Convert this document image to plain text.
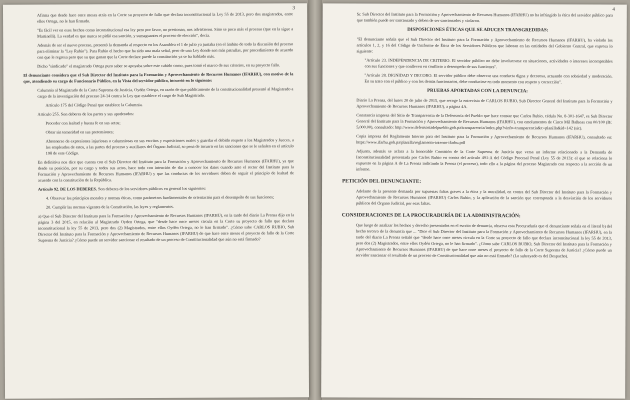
3

Afirma que desde hace once meses atrás en la Corte su proyecto de fallo que declara inconstitucional la Ley 55 de 2013, pero dos magistrados, entre ellos Ortega, no le han firmado.

"Es fácil ver en esos hechos como inconstitucional esa ley pero por favor, no presionan, nos advirtieron. Sino se poco más el proceso (que en la sigue a Martinelli). La verdad es que nunca se pidió esa sanción, y sumaguantes el proceso de elección", decía.

Además de ser el nuevo proceso, presentó la demanda al respecto en los Asamblea el 1 de julio ya juntaba (en el ámbito de todo la discusión del proceso para eliminar la "Ley Rubio"). Para Rubio el hecho que ha sido una mala señal, pero de una Ley donde son más patrullas, por procedimiento de acuerdo con que le regresa pero que su que ganan que la Corte declare puede la constitución ya se ha hablado más.

Dicho "sindicado" el magistrado Ortega puro saber se apoyaba sobre este cabido como, pues tomó el marco de sus criterios, en su proyecto fallo.

El denunciante considera que el Sub Director del Instituto para la Formación y Aprovechamiento de Recursos Humanos (IFARHU), con motivo de la que, atendiendo su cargo de Funcionario Público, en la Vista del servidor público, incurrió en lo siguiente:

Calumnia al Magistrado de la Corte Suprema de Justicia, Oydén Ortega, en razón de que públicamente de la constitucionalidad presentó al Magistrado a cargo de la investigación del proceso 24-14 contra la Ley que establece el cargo de Sub Magistrado.

Artículo 175 del Código Penal que establece la Calumnia.

Artículo 255. Son deberes de los partes y sus apoderados:

Proceder con lealtad y buena fe en sus actos;

Obrar sin temeridad en sus pretensiones;

Abstenerse de expresiones injuriosas o calumniosas en sus escritos y exposiciones orales y guardar el debido respeto a los Magistrados y Jueces, a los empleados de estos, a las partes del proceso y auxiliares del Órgano Judicial, so pena de incurrir en las sanciones que se le señalen en el artículo 198 de este Código.

En definitiva nos dice que cuenta con el Sub Director del Instituto para la Formación y Aprovechamiento de Recursos Humanos (IFARHU), ya que desde su posición, por su cargo y todos sus actos, hace todo con intención de dar a conocer los datos cuando ante el rector del Instituto para la Formación y Aprovechamiento de Recursos Humanos (IFARHU) y que las conductas de los servidores deben de seguir el principio de lealtad de acuerdo con la constitución de la República.

Artículo 92. DE LOS DEBERES. Son deberes de los servidores públicos en general los siguientes:

4. Observar los principios morales y normas éticas, como parámetros fundamentales de orientación para el desempeño de sus funciones;

20. Cumplir las normas vigentes de la Constitución, las leyes y reglamentos.

a) Que el Sub Director del Instituto para la Formación y Aprovechamiento de Recursos Humanos (IFARHU), en la tarde del diario La Prensa dijo en la página 3 del 2015, en relación al Magistrado Oyden Ortega, que "desde hace once meses circula en la Corte su proyecto de fallo que declara inconstitucional la ley 55 de 2013, pero dos (2) Magistrados, entre ellos Oydén Ortega, no le han firmado". ¿Cómo sabe CARLOS RUBIO, Sub Director del Instituto para la Formación y Aprovechamiento de Recursos Humanos (IFARHU) de que hace once meses el proyecto de fallo de la Corte Suprema de Justicia? ¿Cómo puede un servidor sancionar el resultado de un proceso de Constitucionalidad que aún no está firmado?

4

Sr. Sub Director del Instituto para la Formación y Aprovechamiento de Recursos Humanos (IFARHU) no ha infringido la ética del servidor público para que también puede ser sancionado y deben de ser sancionados y violaron.

DISPOSICIONES ÉTICAS QUE SE ADUCEN TRANSGREDIDAS:

"El denunciante señala que el Sub Director del Instituto para la Formación y Aprovechamiento de Recursos Humanos (IFARHU), ha violado los artículos 1, 2, y 16 del Código de Uniforme de Ética de los Servidores Públicos que laboran en las entidades del Gobierno Central, que expresa lo siguiente:

"Artículo 23. INDEPENDENCIA DE CRITERIO. El servidor público no debe involucrarse en situaciones, actividades o intereses incompatibles con sus funciones y que conlleven en conflicto a desempeño de sus funciones".

"Artículo 28. DIGNIDAD Y DECORO. El servidor público debe observar una conducta digna y decorosa, actuando con sobriedad y moderación. En su trato con el público y con los demás funcionarios, debe conducirse en todo momento con respeto y corrección".

PRUEBAS APORTADAS CON LA DENUNCIA:

Diario La Prensa, del lunes 20 de julio de 2015, que recoge la entrevista de CARLOS RUBIO, Sub Director General del Instituto para la Formación y Aprovechamiento de Recursos Humanos (IFARHU), a página 4A.

Constancia impresa del Sitio de Transparencia de la Defensoría del Pueblo que hace constar que Carlos Rubio, cédula No. 8-301-1647, es Sub Director General del Instituto para la Formación y Aprovechamiento de Recursos Humanos (IFARHU), con emolumentos de Cinco Mil Balboas con 00/100 (B/. 5,000.00), consultado: http://www.defensoriadelpueblo.gob.pa/transparencia/index.php?vinfo=transparencia&c=planilla&id=142 (sic).

Copia impresa del Reglamento Interno para del Instituto para la Formación y Aprovechamiento de Recursos Humanos (IFARHU), consultado en: https://www.ifarhu.gob.pa/planilla/reglamento-interno-ifarhu.pdf

Adjunta, además se aclara a la honorable Comisión de la Corte Suprema de Justicia que versa un informe relacionado a la Demanda de Inconstitucionalidad presentada por Carlos Rubio en contra del artículo 491-A del Código Procesal Penal (Ley 55 de 2013): el que se relaciona lo expuesto en la página A de La Prensa indicando la Prensa (el proceso), todo ello a la página del proceso Magistrado con respecto a la sección de un informe.

PETICIÓN DEL DENUNCIANTE:

Adelante de la presente demanda por supuestas faltas graves a la ética y la moralidad, en contra del Sub Director del Instituto para la Formación y Aprovechamiento de Recursos Humanos (IFARHU) Carlos Rubio, y la aplicación de la sanción que corresponda a la desviación de los servidores públicos del Órgano Judicial, por esas faltas.

CONSIDERACIONES DE LA PROCURADURÍA DE LA ADMINISTRACIÓN:

Que luego de analizar los hechos y derecho presentados en el escrito de denuncia, observa esta Procuraduría que el denunciante señala en el literal b) del hecho tercero de la denuncia que ... "Dice el Sub Director del Instituto para la Formación y Aprovechamiento de Recursos Humanos (IFARHU), en la tarde del diario La Prensa señaló que "desde hace once meses circula en la Corte su proyecto de fallo que declara inconstitucional la ley 55 de 2013, pero dos (2) Magistrados, entre ellos Oydén Ortega, no le han firmado". ¿Cómo sabe CARLOS RUBIO, Sub Director del Instituto para la Formación y Aprovechamiento de Recursos Humanos (IFARHU) de que hace once meses el proyecto de fallo de la Corte Suprema de Justicia? ¿Cómo puede un servidor sancionar el resultado de un proceso de Constitucionalidad que aún no está firmado? (Lo subrayado es del Despacho).
